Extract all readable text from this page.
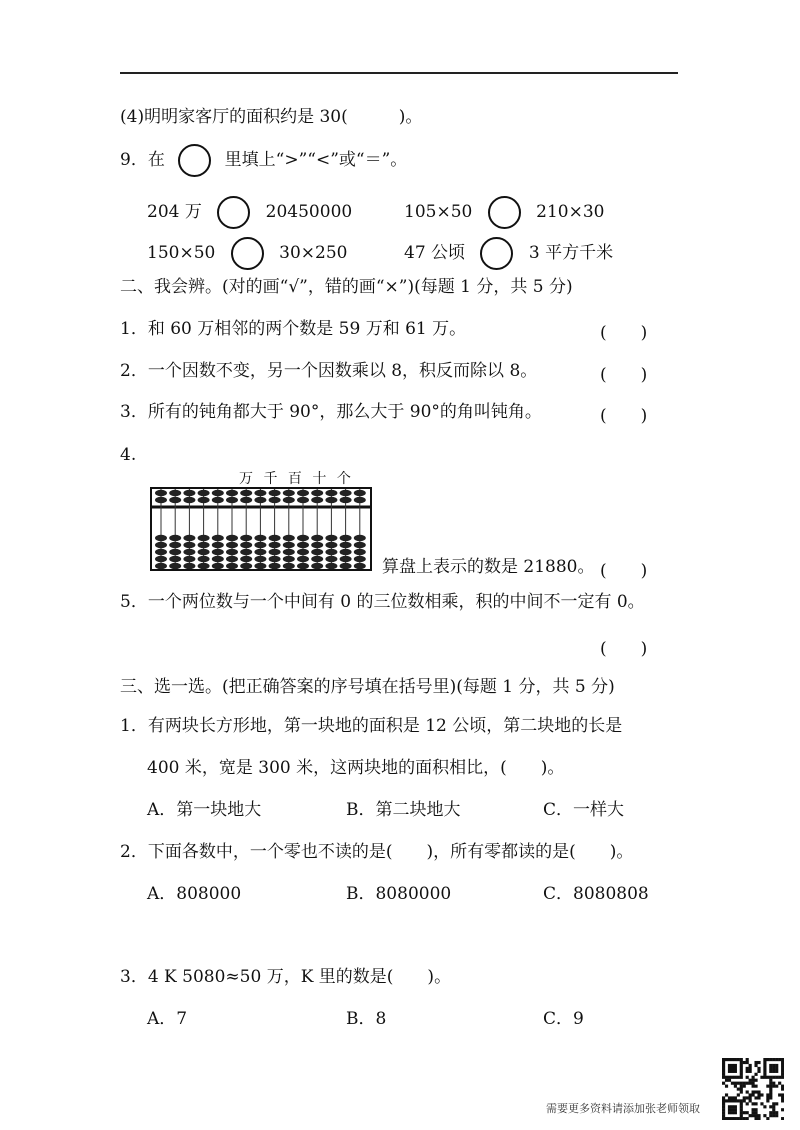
(4)明明家客厅的面积约是 30(　　　)。
9．在	里填上“>”“<”或“＝”。
204 万	20450000	105×50	210×30
150×50	30×250	47 公顷	3 平方千米
二、我会辨。(对的画“√”，错的画“×”)(每题 1 分，共 5 分)
1．和 60 万相邻的两个数是 59 万和 61 万。	(　　)
2．一个因数不变，另一个因数乘以 8，积反而除以 8。	(　　)
3．所有的钝角都大于 90°，那么大于 90°的角叫钝角。	(　　)
4.
万 千 百 十 个
算盘上表示的数是 21880。 (　　)
5．一个两位数与一个中间有 0 的三位数相乘，积的中间不一定有 0。
(　　)
三、选一选。(把正确答案的序号填在括号里)(每题 1 分，共 5 分)
1．有两块长方形地，第一块地的面积是 12 公顷，第二块地的长是
400 米，宽是 300 米，这两块地的面积相比，(　　)。
A．第一块地大	B．第二块地大	C．一样大
2．下面各数中，一个零也不读的是(　　)，所有零都读的是(　　)。
A．808000	B．8080000	C．8080808
3．4 K 5080≈50 万，K 里的数是(　　)。
A．7	B．8	C．9
需要更多资料请添加张老师领取
